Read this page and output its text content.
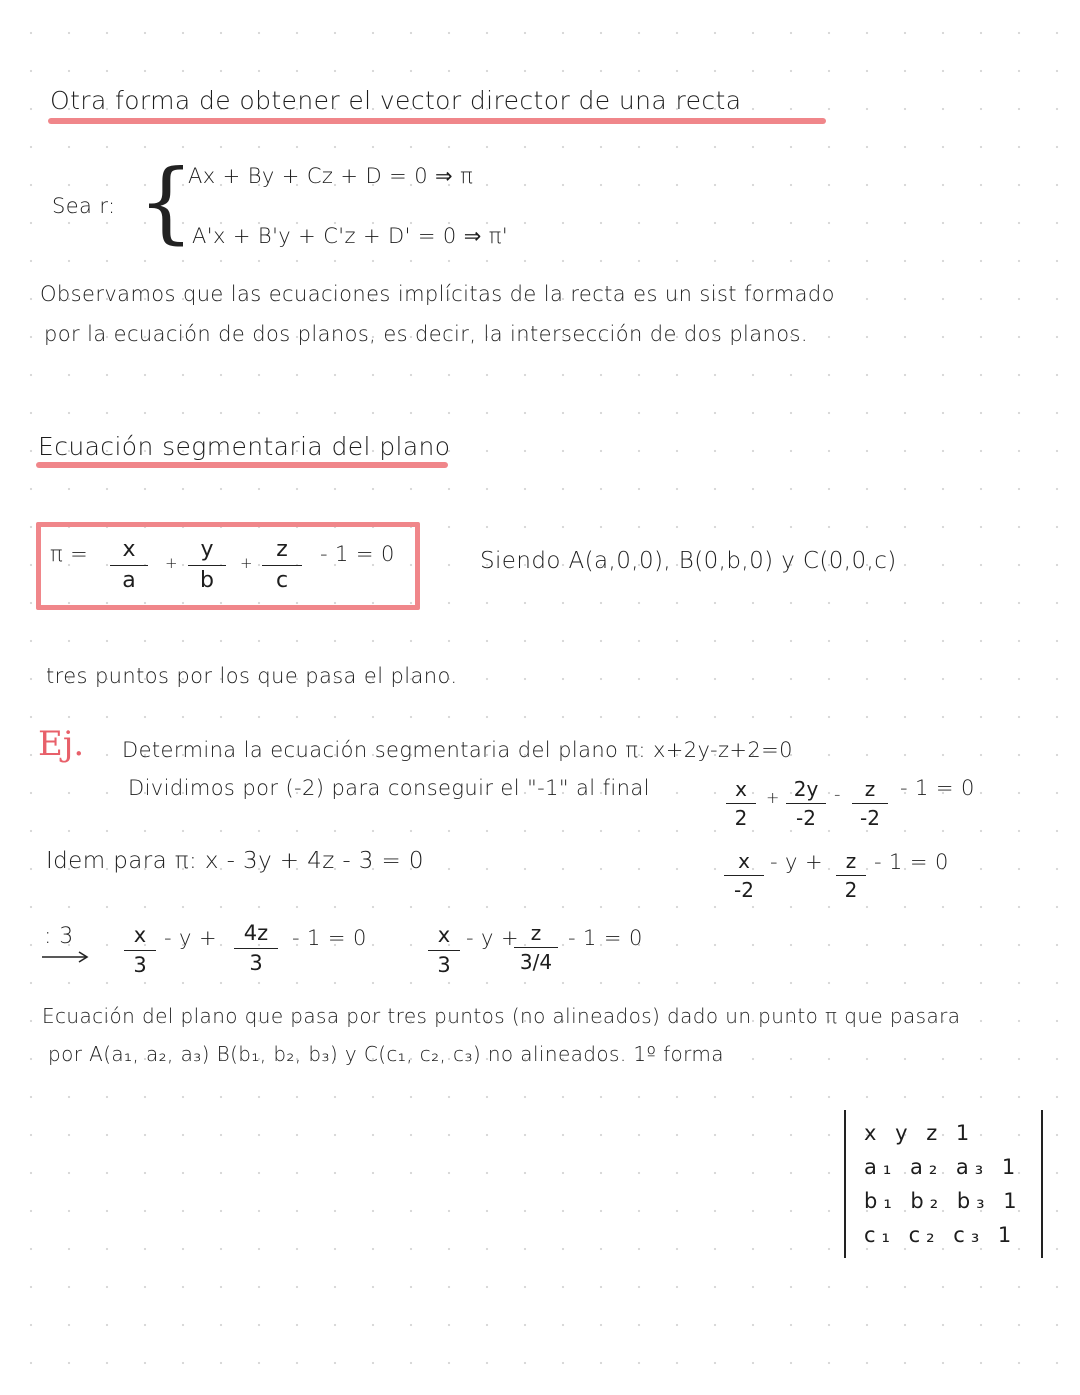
Otra forma de obtener el vector director de una recta
Sea r: {
Ax + By + Cz + D = 0 ⇒ π
A'x + B'y + C'z + D' = 0 ⇒ π'
Observamos que las ecuaciones implícitas de la recta es un sist formado
por la ecuación de dos planos, es decir, la intersección de dos planos.
Ecuación segmentaria del plano
π = x
a
+
y
b
+
z
c
- 1 = 0	Siendo A(a,0,0), B(0,b,0) y C(0,0,c)
tres puntos por los que pasa el plano.
Ej. Determina la ecuación segmentaria del plano π: x+2y-z+2=0
Dividimos por (-2) para conseguir el "-1" al final	x
2
+ 2y
-2
- z
-2
- 1 = 0
Idem para π: x - 3y + 4z - 3 = 0	x
-2
- y + z
2
- 1 = 0
: 3	x
3
- y + 4z
3
- 1 = 0	x
3
- y + z
3/4
- 1 = 0
Ecuación del plano que pasa por tres puntos (no alineados) dado un punto π que pasara
por A(a₁, a₂, a₃) B(b₁, b₂, b₃) y C(c₁, c₂, c₃) no alineados. 1º forma
x y z 1
a₁ a₂ a₃ 1
b₁ b₂ b₃ 1
c₁ c₂ c₃ 1
